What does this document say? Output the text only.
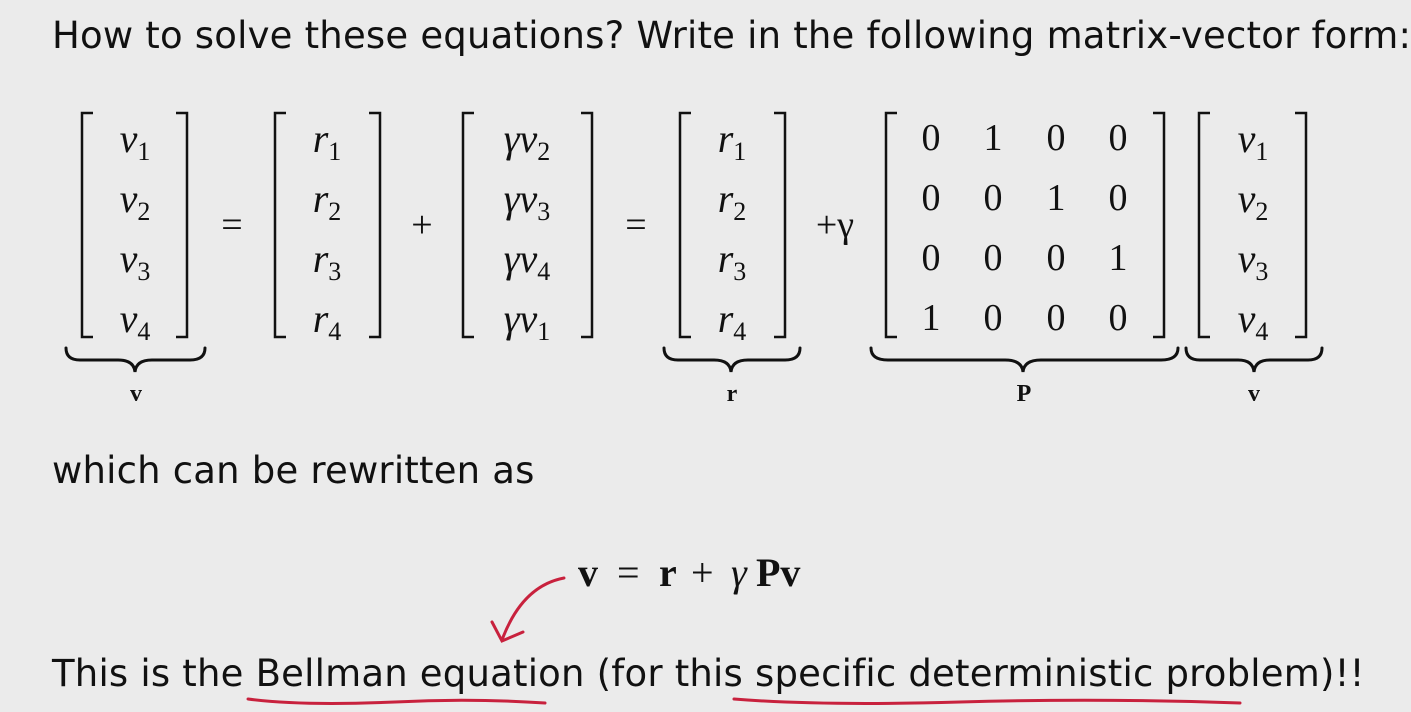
How to solve these equations? Write in the following matrix-vector form:
$v_1$
$v_2$
$v_3$
$v_4$
$r_1$
$r_2$
$r_3$
$r_4$
$\gamma v_2$
$\gamma v_3$
$\gamma v_4$
$\gamma v_1$
$r_1$
$r_2$
$r_3$
$r_4$
0 1 0 0
0 0 1 0
0 0 0 1
1 0 0 0
$v_1$
$v_2$
$v_3$
$v_4$
=	+	=	+γ
v	r	P	v
v = r + γ Pv
which can be rewritten as
This is the Bellman equation (for this specific deterministic problem)!!
